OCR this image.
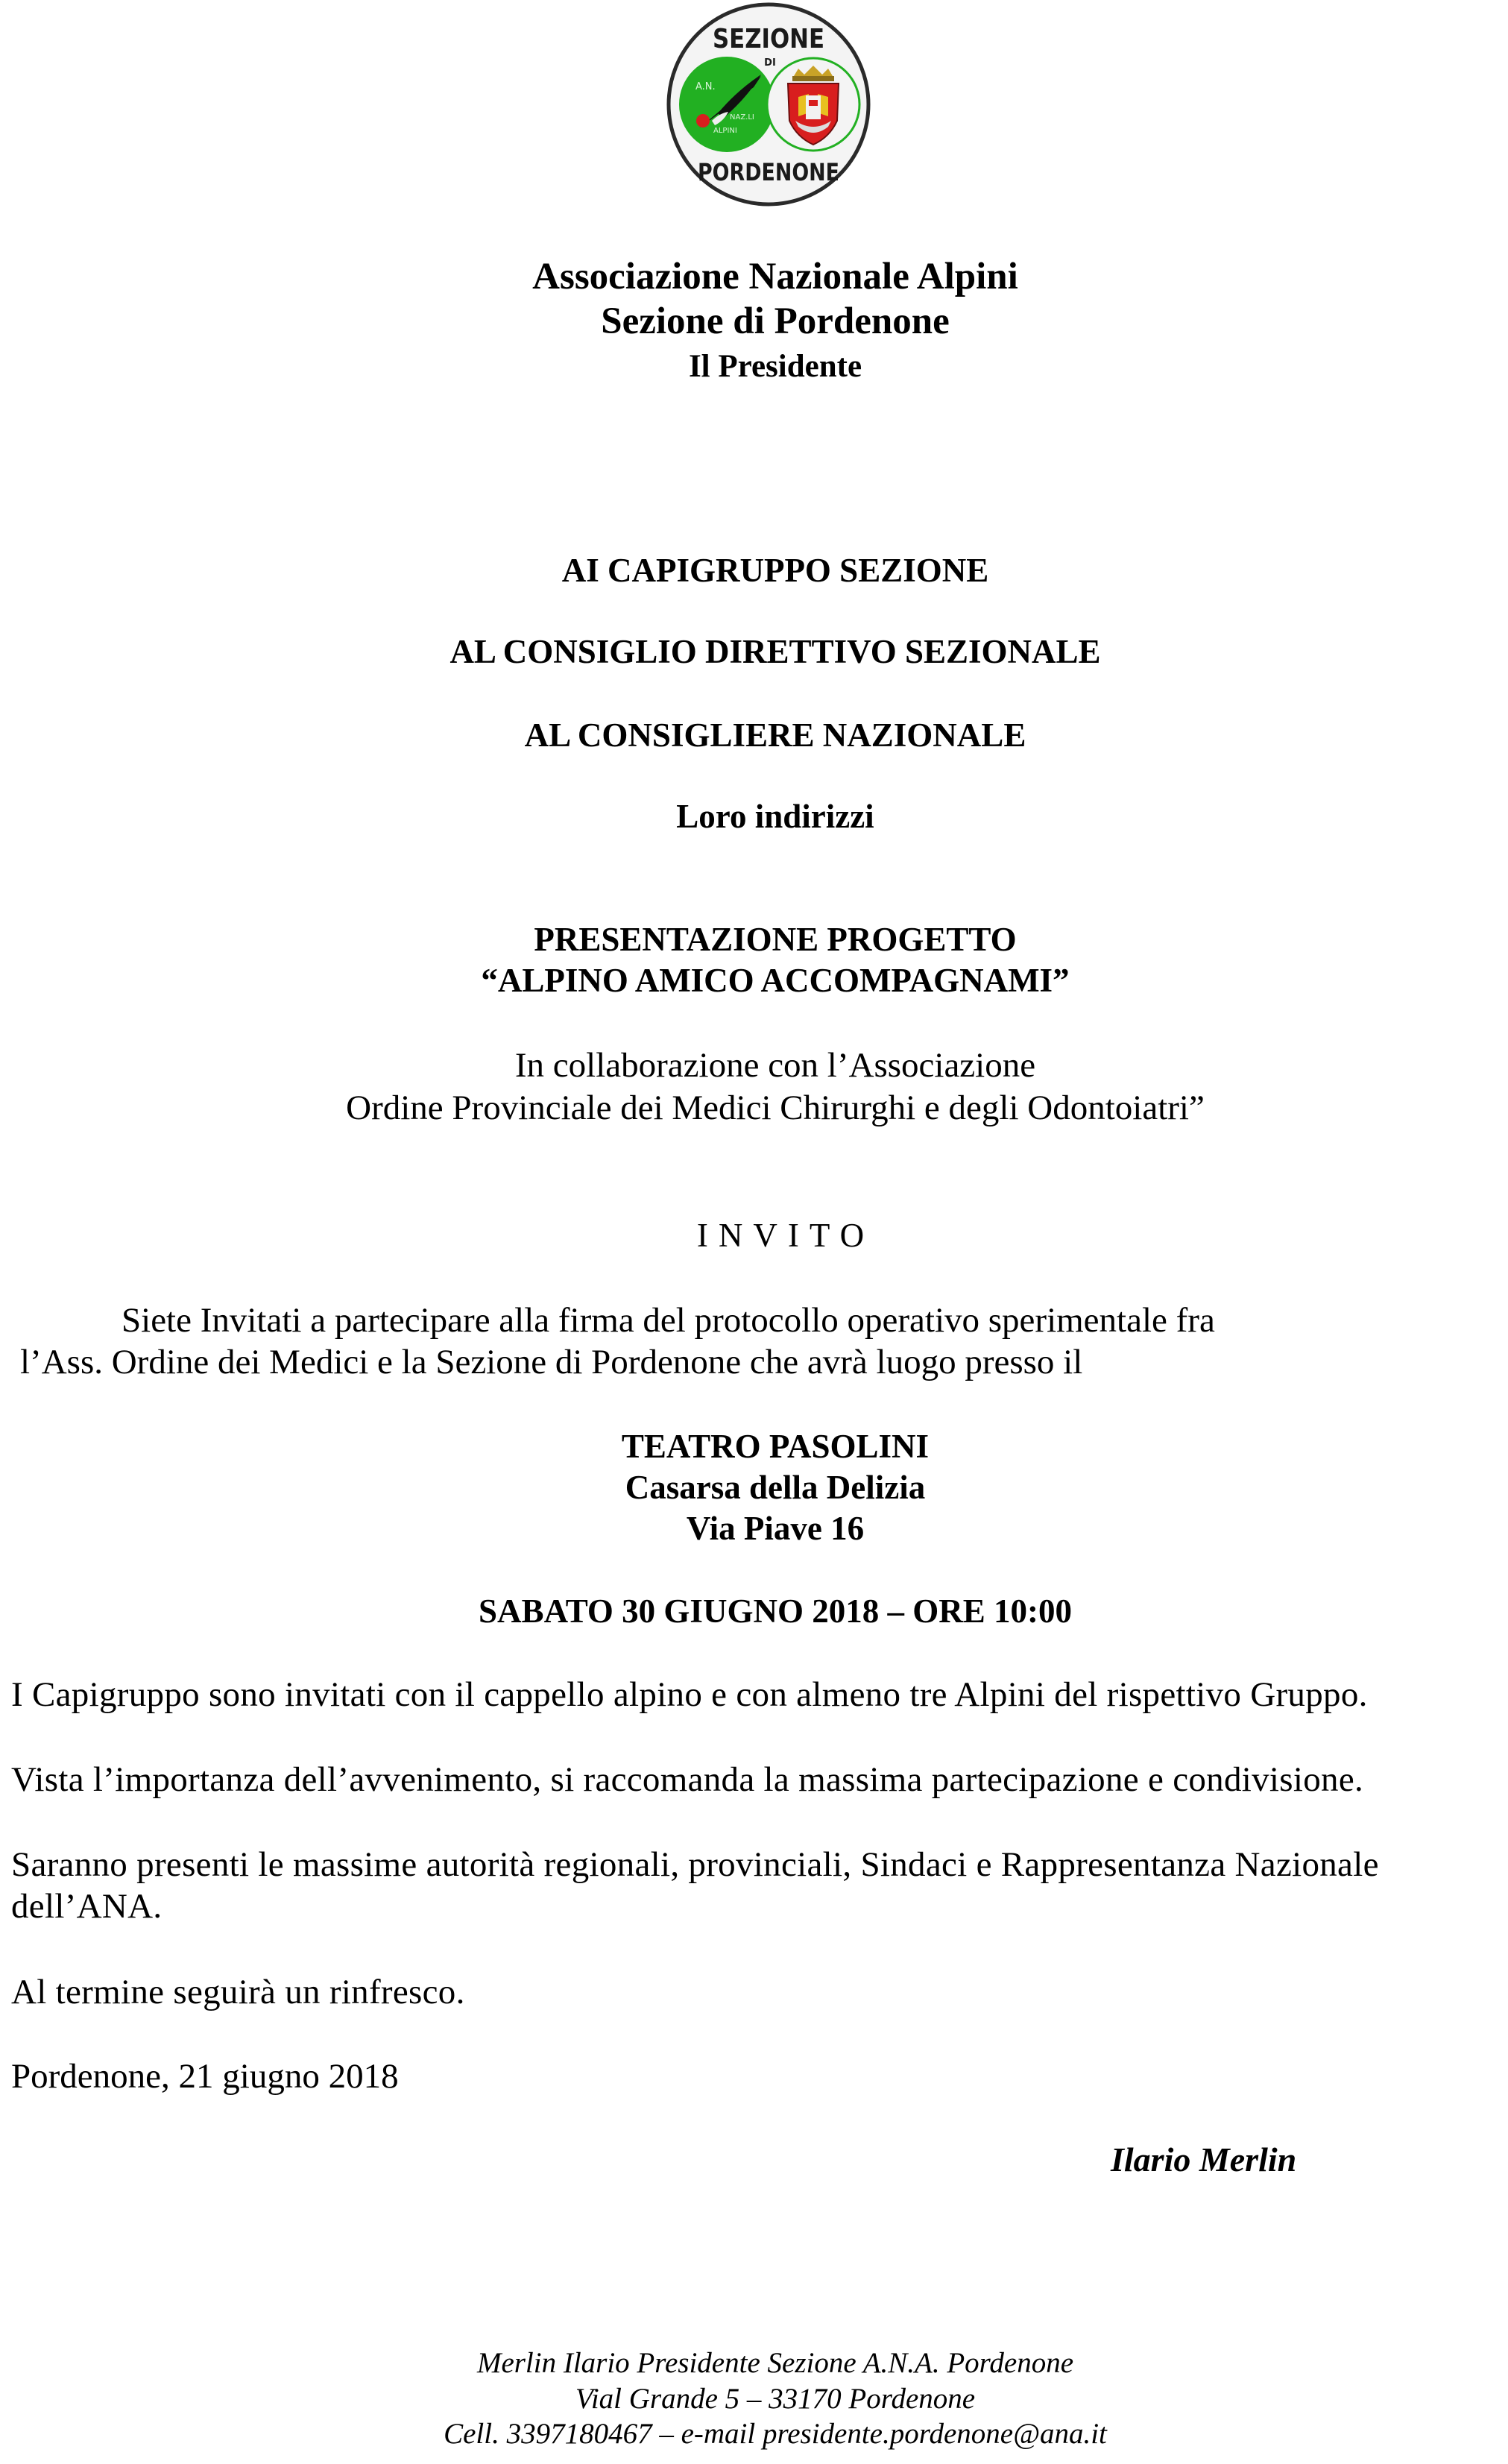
SEZIONE
DI
A.N.
NAZ.LI
ALPINI
PORDENONE
Associazione Nazionale Alpini
Sezione di Pordenone
Il Presidente
AI CAPIGRUPPO SEZIONE
AL CONSIGLIO DIRETTIVO SEZIONALE
AL CONSIGLIERE NAZIONALE
Loro indirizzi
PRESENTAZIONE PROGETTO
“ALPINO AMICO ACCOMPAGNAMI”
In collaborazione con l’Associazione
Ordine Provinciale dei Medici Chirurghi e degli Odontoiatri”
INVITO
Siete Invitati a partecipare alla firma del protocollo operativo sperimentale fra
l’Ass. Ordine dei Medici e la Sezione di Pordenone che avrà luogo presso il
TEATRO PASOLINI
Casarsa della Delizia
Via Piave 16
SABATO 30 GIUGNO 2018 – ORE 10:00
I Capigruppo sono invitati con il cappello alpino e con almeno tre Alpini del rispettivo Gruppo.
Vista l’importanza dell’avvenimento, si raccomanda la massima partecipazione e condivisione.
Saranno presenti le massime autorità regionali, provinciali, Sindaci e Rappresentanza Nazionale
dell’ANA.
Al termine seguirà un rinfresco.
Pordenone, 21 giugno 2018
Ilario Merlin
Merlin Ilario Presidente Sezione A.N.A. Pordenone
Vial Grande 5 – 33170 Pordenone
Cell. 3397180467 – e-mail presidente.pordenone@ana.it
